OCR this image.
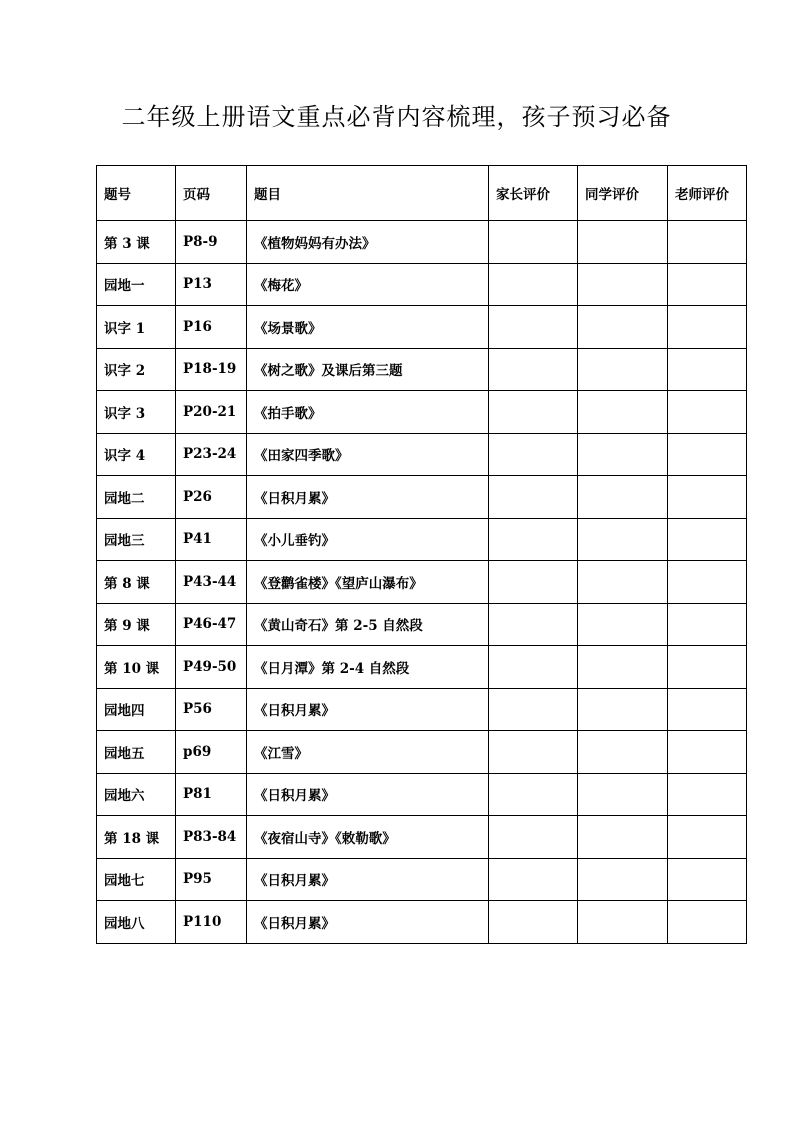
二年级上册语文重点必背内容梳理，孩子预习必备
题号	页码	题目	家长评价	同学评价	老师评价
第 3 课	P8-9	《植物妈妈有办法》			
园地一	P13	《梅花》			
识字 1	P16	《场景歌》			
识字 2	P18-19	《树之歌》及课后第三题			
识字 3	P20-21	《拍手歌》			
识字 4	P23-24	《田家四季歌》			
园地二	P26	《日积月累》			
园地三	P41	《小儿垂钓》			
第 8 课	P43-44	《登鹳雀楼》《望庐山瀑布》			
第 9 课	P46-47	《黄山奇石》第 2-5 自然段			
第 10 课	P49-50	《日月潭》第 2-4 自然段			
园地四	P56	《日积月累》			
园地五	p69	《江雪》			
园地六	P81	《日积月累》			
第 18 课	P83-84	《夜宿山寺》《敕勒歌》			
园地七	P95	《日积月累》			
园地八	P110	《日积月累》			
